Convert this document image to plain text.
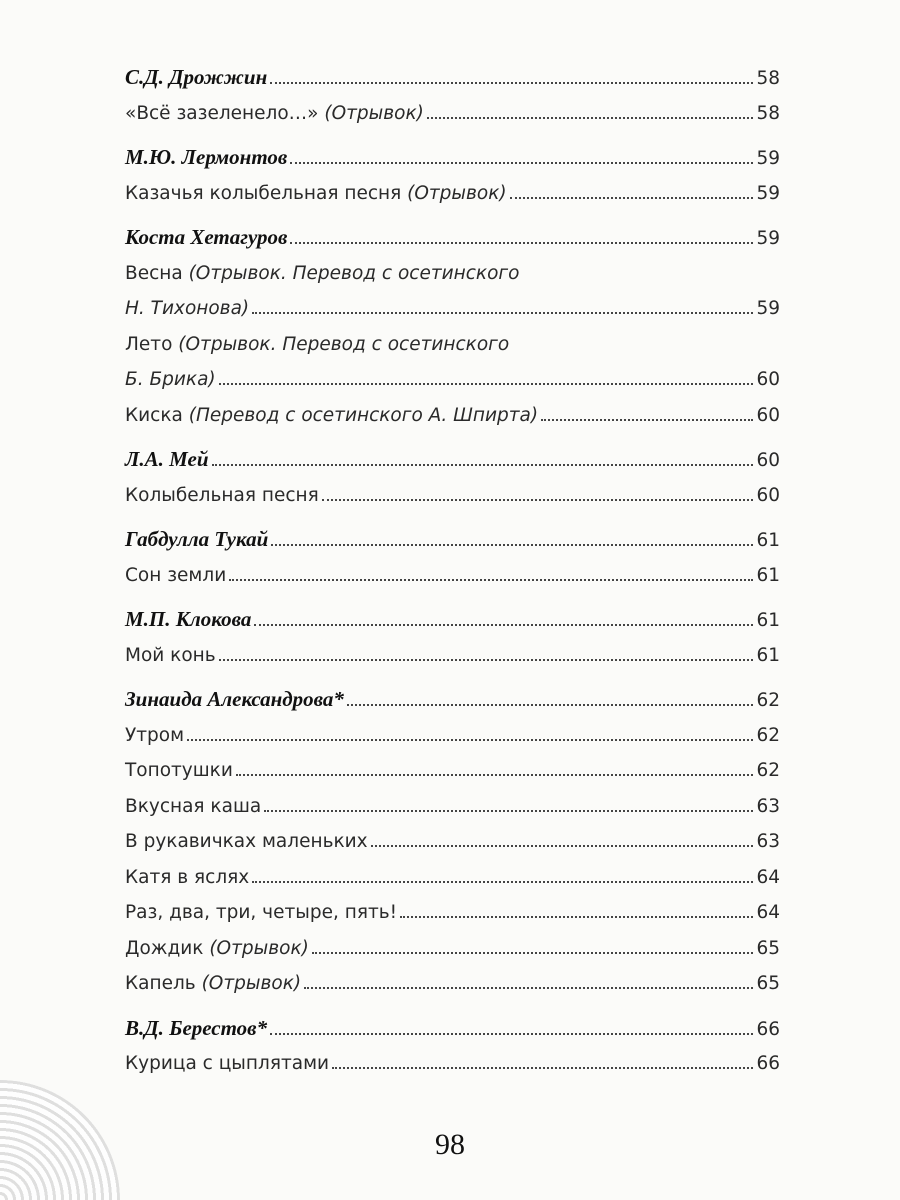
С.Д. Дрожжин	58
«Всё зазеленело…» (Отрывок)	58
М.Ю. Лермонтов	59
Казачья колыбельная песня (Отрывок)	59
Коста Хетагуров	59
Весна (Отрывок. Перевод с осетинского
Н. Тихонова)	59
Лето (Отрывок. Перевод с осетинского
Б. Брика)	60
Киска (Перевод с осетинского А. Шпирта)	60
Л.А. Мей	60
Колыбельная песня	60
Габдулла Тукай	61
Сон земли	61
М.П. Клокова	61
Мой конь	61
Зинаида Александрова*	62
Утром	62
Топотушки	62
Вкусная каша	63
В рукавичках маленьких	63
Катя в яслях	64
Раз, два, три, четыре, пять!	64
Дождик (Отрывок)	65
Капель (Отрывок)	65
В.Д. Берестов*	66
Курица с цыплятами	66
98
